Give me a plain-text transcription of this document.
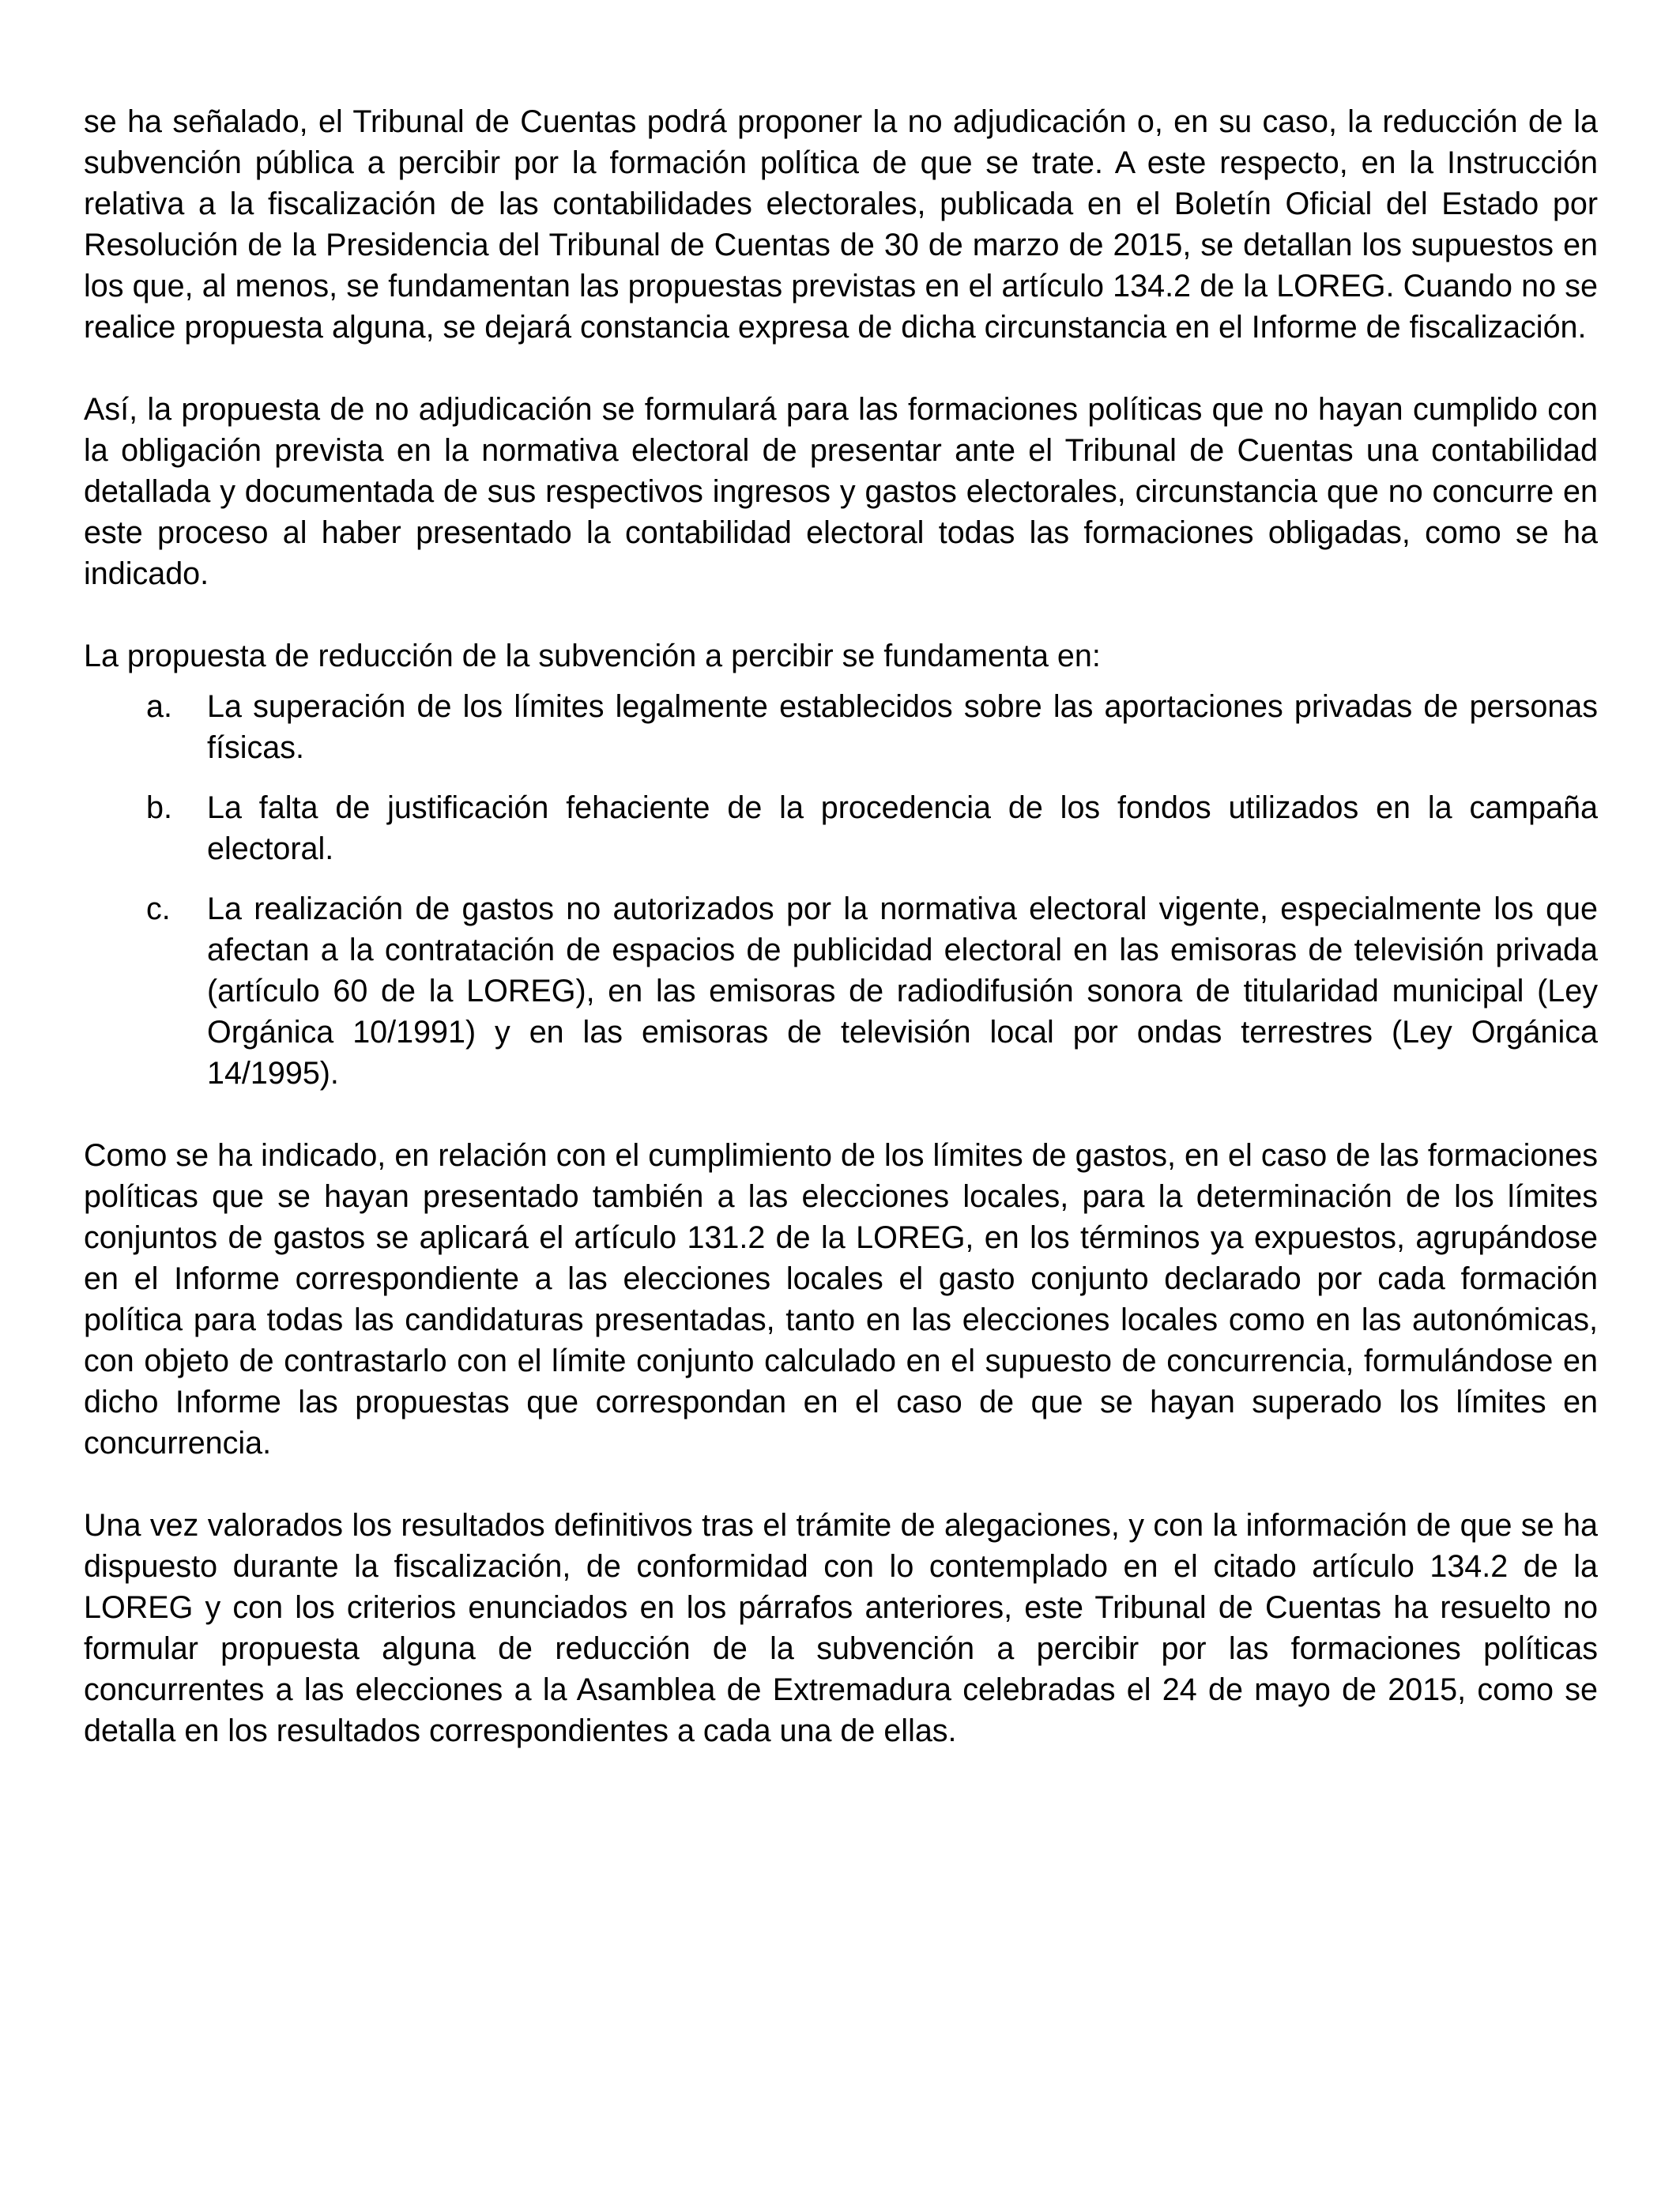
se ha señalado, el Tribunal de Cuentas podrá proponer la no adjudicación o, en su caso, la reducción de la subvención pública a percibir por la formación política de que se trate. A este respecto, en la Instrucción relativa a la fiscalización de las contabilidades electorales, publicada en el Boletín Oficial del Estado por Resolución de la Presidencia del Tribunal de Cuentas de 30 de marzo de 2015, se detallan los supuestos en los que, al menos, se fundamentan las propuestas previstas en el artículo 134.2 de la LOREG. Cuando no se realice propuesta alguna, se dejará constancia expresa de dicha circunstancia en el Informe de fiscalización.

Así, la propuesta de no adjudicación se formulará para las formaciones políticas que no hayan cumplido con la obligación prevista en la normativa electoral de presentar ante el Tribunal de Cuentas una contabilidad detallada y documentada de sus respectivos ingresos y gastos electorales, circunstancia que no concurre en este proceso al haber presentado la contabilidad electoral todas las formaciones obligadas, como se ha indicado.

La propuesta de reducción de la subvención a percibir se fundamenta en:

a.	La superación de los límites legalmente establecidos sobre las aportaciones privadas de personas físicas.
b.	La falta de justificación fehaciente de la procedencia de los fondos utilizados en la campaña electoral.
c.	La realización de gastos no autorizados por la normativa electoral vigente, especialmente los que afectan a la contratación de espacios de publicidad electoral en las emisoras de televisión privada (artículo 60 de la LOREG), en las emisoras de radiodifusión sonora de titularidad municipal (Ley Orgánica 10/1991) y en las emisoras de televisión local por ondas terrestres (Ley Orgánica 14/1995).

Como se ha indicado, en relación con el cumplimiento de los límites de gastos, en el caso de las formaciones políticas que se hayan presentado también a las elecciones locales, para la determinación de los límites conjuntos de gastos se aplicará el artículo 131.2 de la LOREG, en los términos ya expuestos, agrupándose en el Informe correspondiente a las elecciones locales el gasto conjunto declarado por cada formación política para todas las candidaturas presentadas, tanto en las elecciones locales como en las autonómicas, con objeto de contrastarlo con el límite conjunto calculado en el supuesto de concurrencia, formulándose en dicho Informe las propuestas que correspondan en el caso de que se hayan superado los límites en concurrencia.

Una vez valorados los resultados definitivos tras el trámite de alegaciones, y con la información de que se ha dispuesto durante la fiscalización, de conformidad con lo contemplado en el citado artículo 134.2 de la LOREG y con los criterios enunciados en los párrafos anteriores, este Tribunal de Cuentas ha resuelto no formular propuesta alguna de reducción de la subvención a percibir por las formaciones políticas concurrentes a las elecciones a la Asamblea de Extremadura celebradas el 24 de mayo de 2015, como se detalla en los resultados correspondientes a cada una de ellas.
